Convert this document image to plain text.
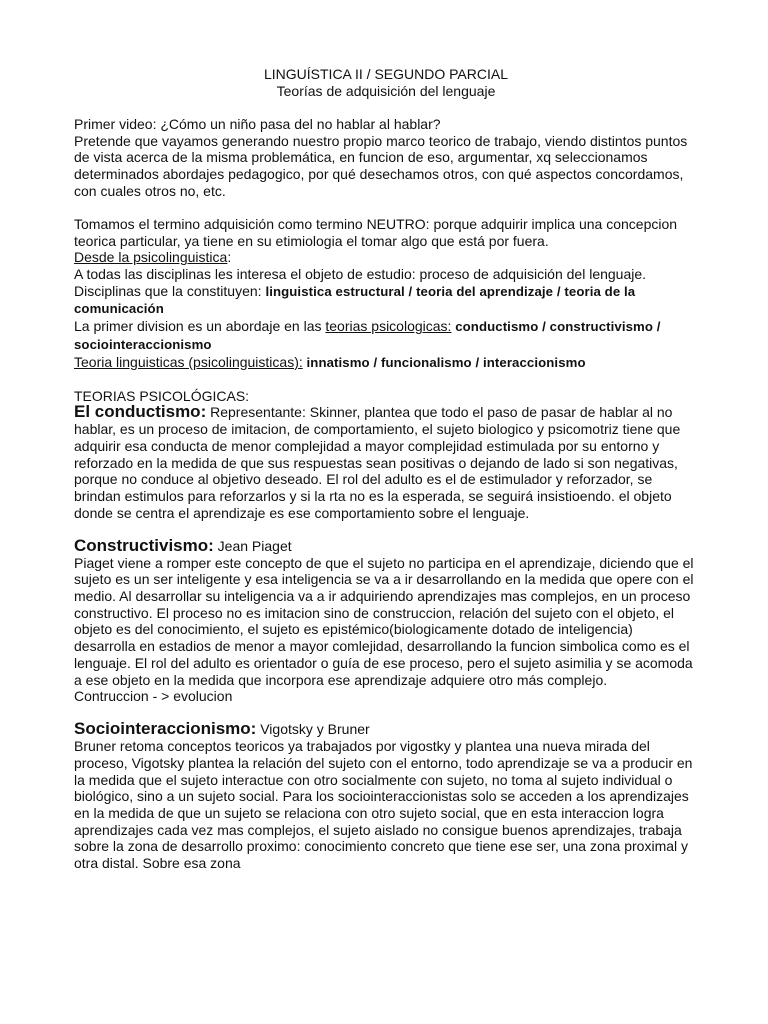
LINGUÍSTICA II / SEGUNDO PARCIAL

Teorías de adquisición del lenguaje

Primer video: ¿Cómo un niño pasa del no hablar al hablar?

Pretende que vayamos generando nuestro propio marco teorico de trabajo, viendo distintos puntos de vista acerca de la misma problemática, en funcion de eso, argumentar, xq seleccionamos determinados abordajes pedagogico, por qué desechamos otros, con qué aspectos concordamos, con cuales otros no, etc.

Tomamos el termino adquisición como termino NEUTRO: porque adquirir implica una concepcion teorica particular, ya tiene en su etimiologia el tomar algo que está por fuera.

Desde la psicolinguistica:

A todas las disciplinas les interesa el objeto de estudio: proceso de adquisición del lenguaje.

Disciplinas que la constituyen: linguistica estructural / teoria del aprendizaje / teoria de la comunicación

La primer division es un abordaje en las teorias psicologicas: conductismo / constructivismo / sociointeraccionismo

Teoria linguisticas (psicolinguisticas): innatismo / funcionalismo / interaccionismo

TEORIAS PSICOLÓGICAS:

El conductismo: Representante: Skinner, plantea que todo el paso de pasar de hablar al no hablar, es un proceso de imitacion, de comportamiento, el sujeto biologico y psicomotriz tiene que adquirir esa conducta de menor complejidad a mayor complejidad estimulada por su entorno y reforzado en la medida de que sus respuestas sean positivas o dejando de lado si son negativas, porque no conduce al objetivo deseado. El rol del adulto es el de estimulador y reforzador, se brindan estimulos para reforzarlos y si la rta no es la esperada, se seguirá insistioendo. el objeto donde se centra el aprendizaje es ese comportamiento sobre el lenguaje.

Constructivismo: Jean Piaget

Piaget viene a romper este concepto de que el sujeto no participa en el aprendizaje, diciendo que el sujeto es un ser inteligente y esa inteligencia se va a ir desarrollando en la medida que opere con el medio. Al desarrollar su inteligencia va a ir adquiriendo aprendizajes mas complejos, en un proceso constructivo. El proceso no es imitacion sino de construccion, relación del sujeto con el objeto, el objeto es del conocimiento, el sujeto es epistémico(biologicamente dotado de inteligencia) desarrolla en estadios de menor a mayor comlejidad, desarrollando la funcion simbolica como es el lenguaje. El rol del adulto es orientador o guía de ese proceso, pero el sujeto asimilia y se acomoda a ese objeto en la medida que incorpora ese aprendizaje adquiere otro más complejo.

Contruccion - > evolucion

Sociointeraccionismo: Vigotsky y Bruner

Bruner retoma conceptos teoricos ya trabajados por vigostky y plantea una nueva mirada del proceso, Vigotsky plantea la relación del sujeto con el entorno, todo aprendizaje se va a producir en la medida que el sujeto interactue con otro socialmente con sujeto, no toma al sujeto individual o biológico, sino a un sujeto social. Para los sociointeraccionistas solo se acceden a los aprendizajes en la medida de que un sujeto se relaciona con otro sujeto social, que en esta interaccion logra aprendizajes cada vez mas complejos, el sujeto aislado no consigue buenos aprendizajes, trabaja sobre la zona de desarrollo proximo: conocimiento concreto que tiene ese ser, una zona proximal y otra distal. Sobre esa zona
